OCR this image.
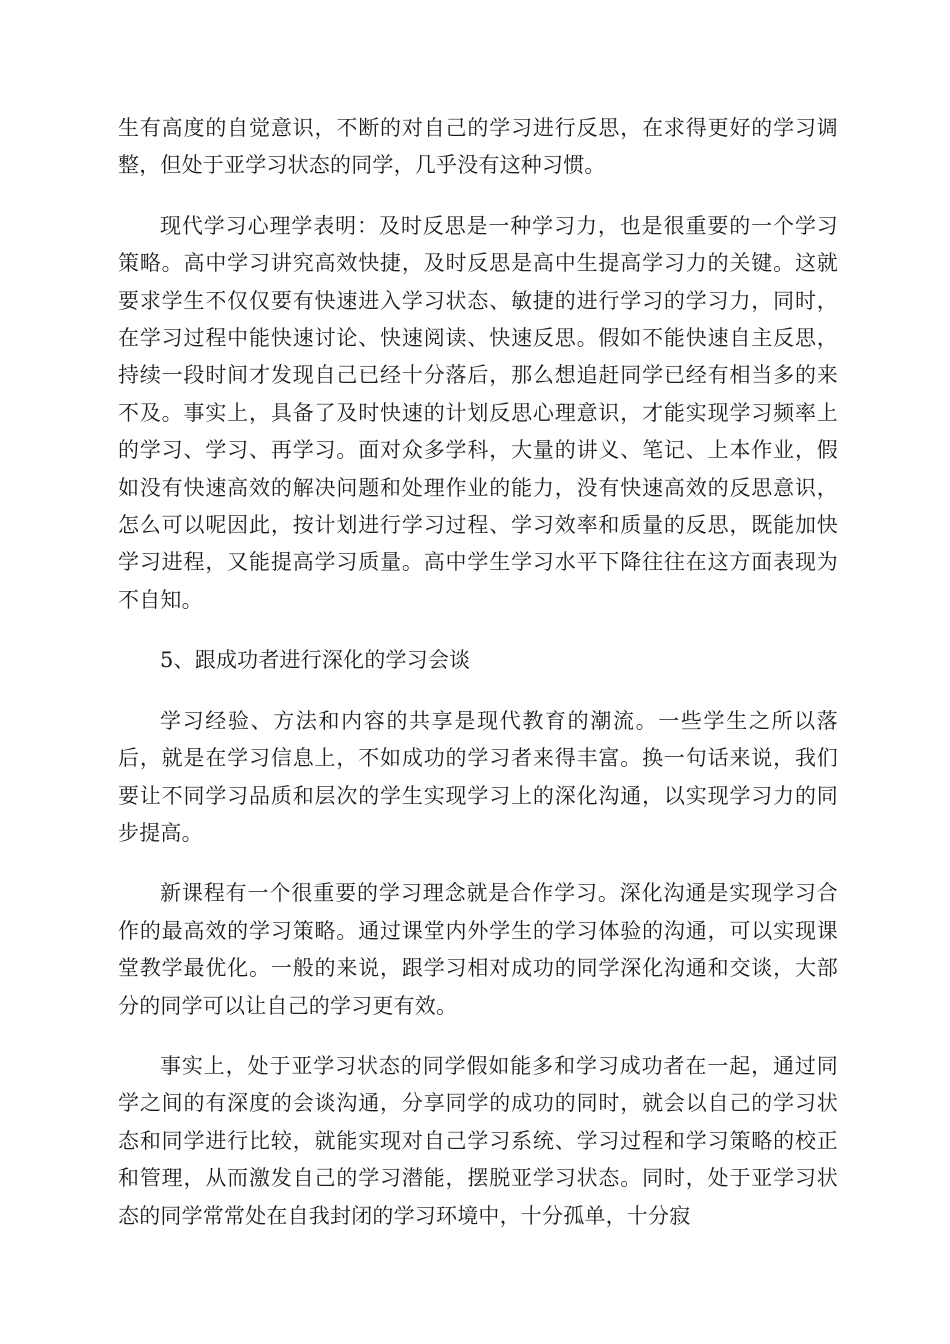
生有高度的自觉意识，不断的对自己的学习进行反思，在求得更好的学习调整，但处于亚学习状态的同学，几乎没有这种习惯。

现代学习心理学表明：及时反思是一种学习力，也是很重要的一个学习策略。高中学习讲究高效快捷，及时反思是高中生提高学习力的关键。这就要求学生不仅仅要有快速进入学习状态、敏捷的进行学习的学习力，同时，在学习过程中能快速讨论、快速阅读、快速反思。假如不能快速自主反思，持续一段时间才发现自己已经十分落后，那么想追赶同学已经有相当多的来不及。事实上，具备了及时快速的计划反思心理意识，才能实现学习频率上的学习、学习、再学习。面对众多学科，大量的讲义、笔记、上本作业，假如没有快速高效的解决问题和处理作业的能力，没有快速高效的反思意识，怎么可以呢因此，按计划进行学习过程、学习效率和质量的反思，既能加快学习进程，又能提高学习质量。高中学生学习水平下降往往在这方面表现为不自知。

5、跟成功者进行深化的学习会谈

学习经验、方法和内容的共享是现代教育的潮流。一些学生之所以落后，就是在学习信息上，不如成功的学习者来得丰富。换一句话来说，我们要让不同学习品质和层次的学生实现学习上的深化沟通，以实现学习力的同步提高。

新课程有一个很重要的学习理念就是合作学习。深化沟通是实现学习合作的最高效的学习策略。通过课堂内外学生的学习体验的沟通，可以实现课堂教学最优化。一般的来说，跟学习相对成功的同学深化沟通和交谈，大部分的同学可以让自己的学习更有效。

事实上，处于亚学习状态的同学假如能多和学习成功者在一起，通过同学之间的有深度的会谈沟通，分享同学的成功的同时，就会以自己的学习状态和同学进行比较，就能实现对自己学习系统、学习过程和学习策略的校正和管理，从而激发自己的学习潜能，摆脱亚学习状态。同时，处于亚学习状态的同学常常处在自我封闭的学习环境中，十分孤单，十分寂
